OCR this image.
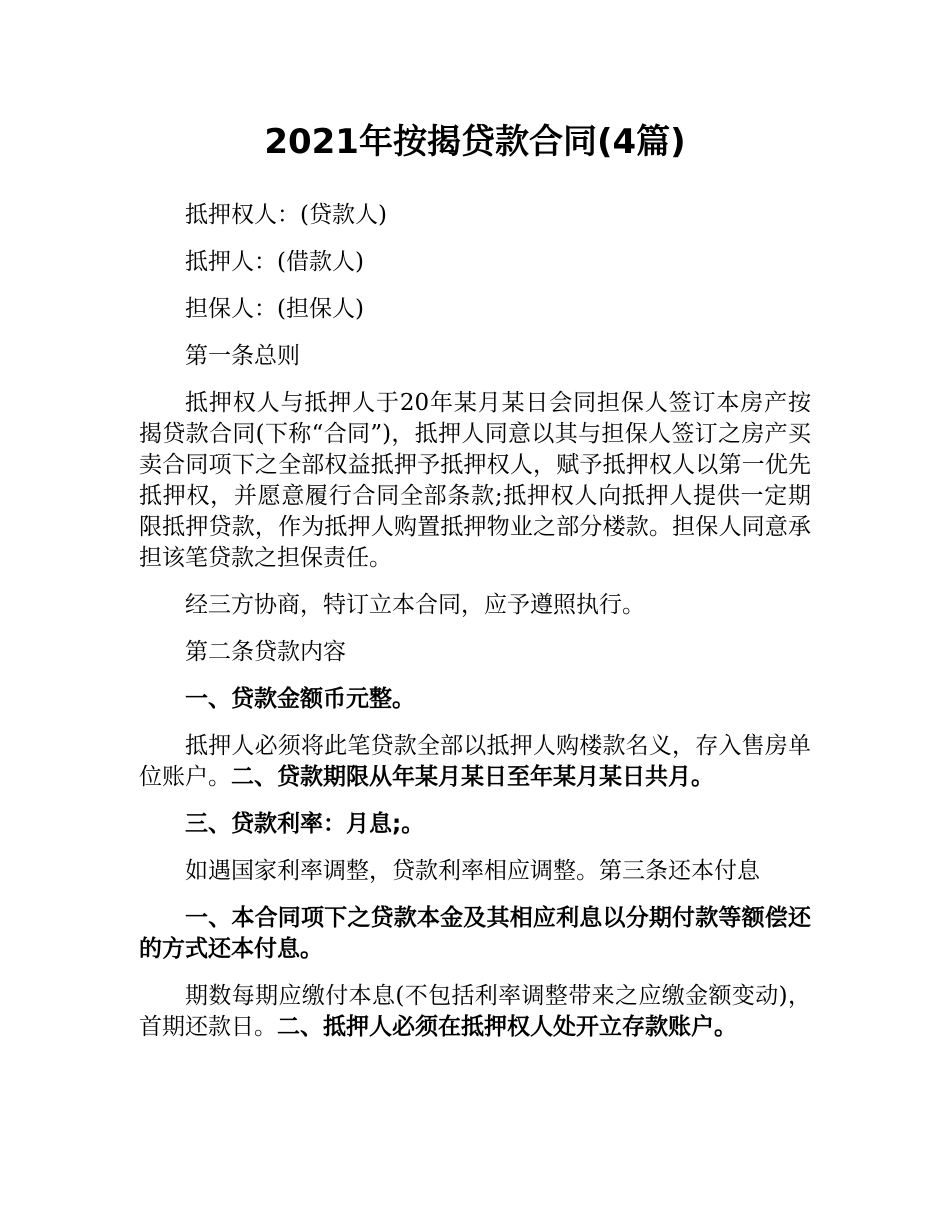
2021年按揭贷款合同(4篇)

抵押权人：(贷款人)

抵押人：(借款人)

担保人：(担保人)

第一条总则

抵押权人与抵押人于20年某月某日会同担保人签订本房产按揭贷款合同(下称“合同”)，抵押人同意以其与担保人签订之房产买卖合同项下之全部权益抵押予抵押权人，赋予抵押权人以第一优先抵押权，并愿意履行合同全部条款;抵押权人向抵押人提供一定期限抵押贷款，作为抵押人购置抵押物业之部分楼款。担保人同意承担该笔贷款之担保责任。

经三方协商，特订立本合同，应予遵照执行。

第二条贷款内容

一、贷款金额币元整。

抵押人必须将此笔贷款全部以抵押人购楼款名义，存入售房单位账户。二、贷款期限从年某月某日至年某月某日共月。

三、贷款利率：月息;。

如遇国家利率调整，贷款利率相应调整。第三条还本付息

一、本合同项下之贷款本金及其相应利息以分期付款等额偿还的方式还本付息。

期数每期应缴付本息(不包括利率调整带来之应缴金额变动)，首期还款日。二、抵押人必须在抵押权人处开立存款账户。
